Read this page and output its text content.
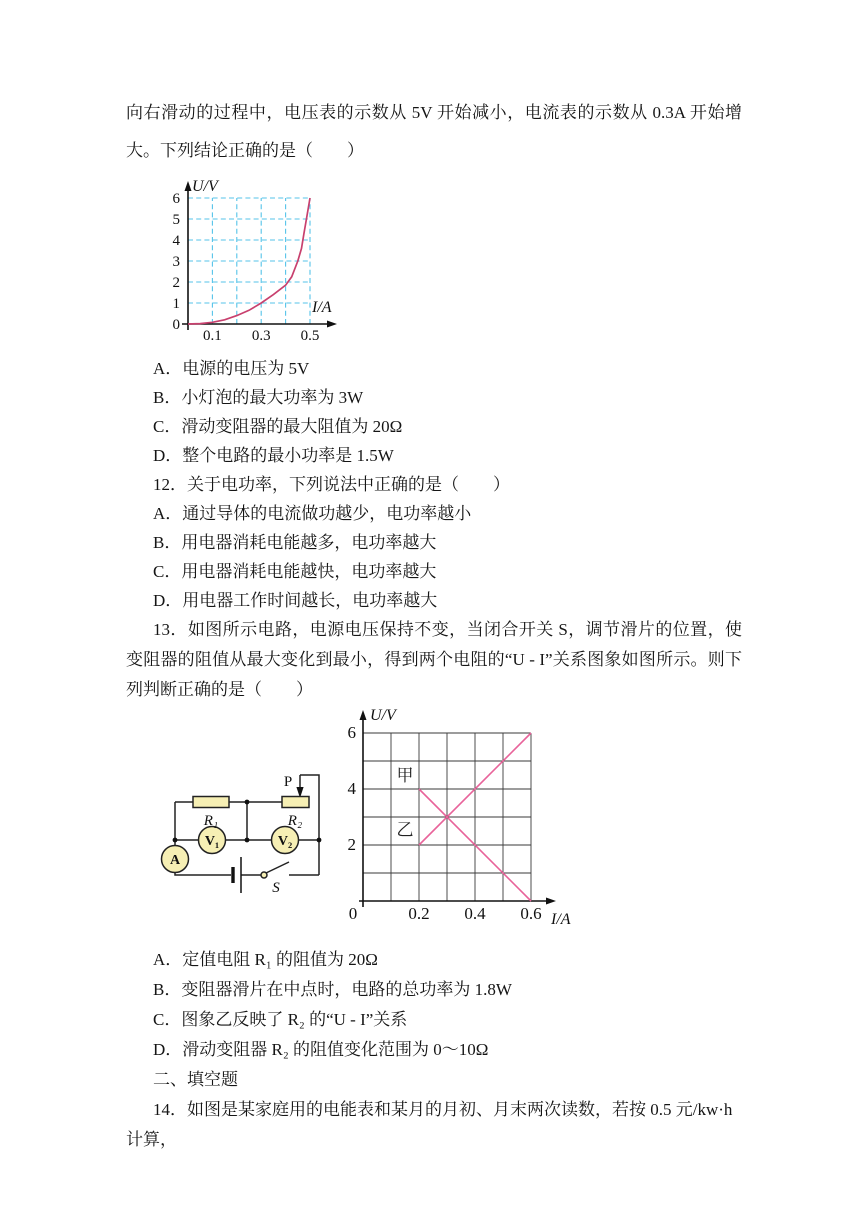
向右滑动的过程中，电压表的示数从 5V 开始减小，电流表的示数从 0.3A 开始增大。下列结论正确的是（　　）

0
1
2
3
4
5
6
0.1 0.3 0.5
U/V
I/A
A．电源的电压为 5V
B．小灯泡的最大功率为 3W
C．滑动变阻器的最大阻值为 20Ω
D．整个电路的最小功率是 1.5W

12．关于电功率，下列说法中正确的是（　　）

A．通过导体的电流做功越少，电功率越小
B．用电器消耗电能越多，电功率越大
C．用电器消耗电能越快，电功率越大
D．用电器工作时间越长，电功率越大

13．如图所示电路，电源电压保持不变，当闭合开关 S，调节滑片的位置，使变阻器的阻值从最大变化到最小，得到两个电阻的“U - I”关系图象如图所示。则下列判断正确的是（　　）

R₁	R₂
P
V₁	V₂
A
S
甲
乙
2
4
6
0	0.2 0.4 0.6
U/V
I/A
A．定值电阻 R₁ 的阻值为 20Ω
B．变阻器滑片在中点时，电路的总功率为 1.8W
C．图象乙反映了 R₂ 的“U - I”关系
D．滑动变阻器 R₂ 的阻值变化范围为 0～10Ω

二、填空题

14．如图是某家庭用的电能表和某月的月初、月末两次读数，若按 0.5 元/kw·h 计算，
